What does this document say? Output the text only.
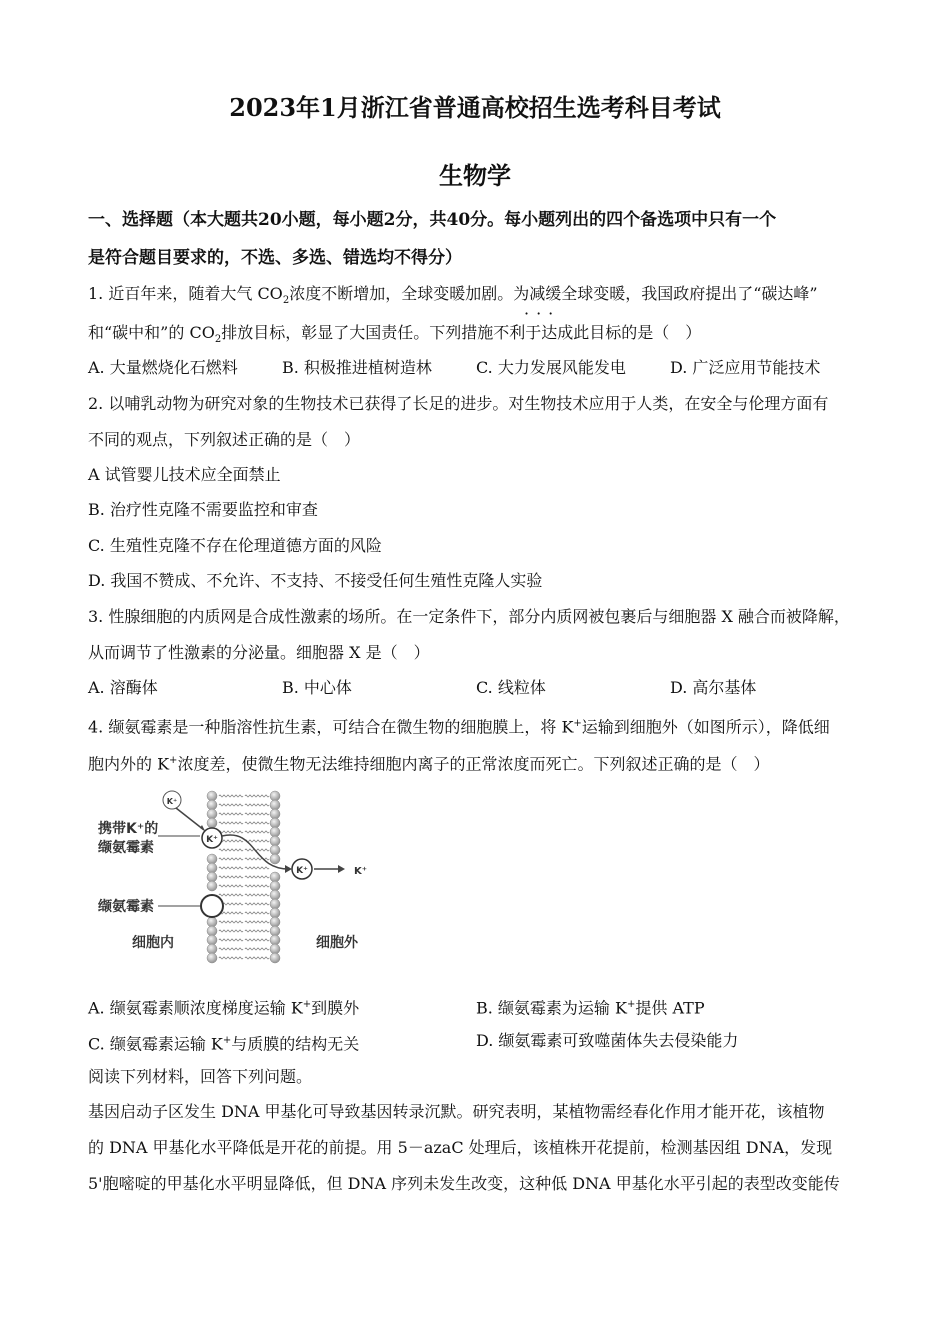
2023年1月浙江省普通高校招生选考科目考试
生物学
一、选择题（本大题共20小题，每小题2分，共40分。每小题列出的四个备选项中只有一个
是符合题目要求的，不选、多选、错选均不得分）
1. 近百年来，随着大气 $CO_2$浓度不断增加，全球变暖加剧。为减缓全球变暖，我国政府提出了“碳达峰”
···
和“碳中和”的 $CO_2$排放目标，彰显了大国责任。下列措施不利于达成此目标的是（　）
A. 大量燃烧化石燃料	B. 积极推进植树造林	C. 大力发展风能发电	D. 广泛应用节能技术
2. 以哺乳动物为研究对象的生物技术已获得了长足的进步。对生物技术应用于人类，在安全与伦理方面有
不同的观点，下列叙述正确的是（　）
A 试管婴儿技术应全面禁止
B. 治疗性克隆不需要监控和审查
C. 生殖性克隆不存在伦理道德方面的风险
D. 我国不赞成、不允许、不支持、不接受任何生殖性克隆人实验
3. 性腺细胞的内质网是合成性激素的场所。在一定条件下，部分内质网被包裹后与细胞器 X 融合而被降解，
从而调节了性激素的分泌量。细胞器 X 是（　）
A. 溶酶体	B. 中心体	C. 线粒体	D. 高尔基体
4. 缬氨霉素是一种脂溶性抗生素，可结合在微生物的细胞膜上，将 K+运输到细胞外（如图所示），降低细
胞内外的 K+浓度差，使微生物无法维持细胞内离子的正常浓度而死亡。下列叙述正确的是（　）
K⁺
K⁺
K⁺
K⁺
携带K⁺的
缬氨霉素
缬氨霉素
细胞内	细胞外
A. 缬氨霉素顺浓度梯度运输 K+到膜外	B. 缬氨霉素为运输 K+提供 ATP
C. 缬氨霉素运输 K+与质膜的结构无关	D. 缬氨霉素可致噬菌体失去侵染能力
阅读下列材料，回答下列问题。
基因启动子区发生 DNA 甲基化可导致基因转录沉默。研究表明，某植物需经春化作用才能开花，该植物
的 DNA 甲基化水平降低是开花的前提。用 5－azaC 处理后，该植株开花提前，检测基因组 DNA，发现
5'胞嘧啶的甲基化水平明显降低，但 DNA 序列未发生改变，这种低 DNA 甲基化水平引起的表型改变能传
